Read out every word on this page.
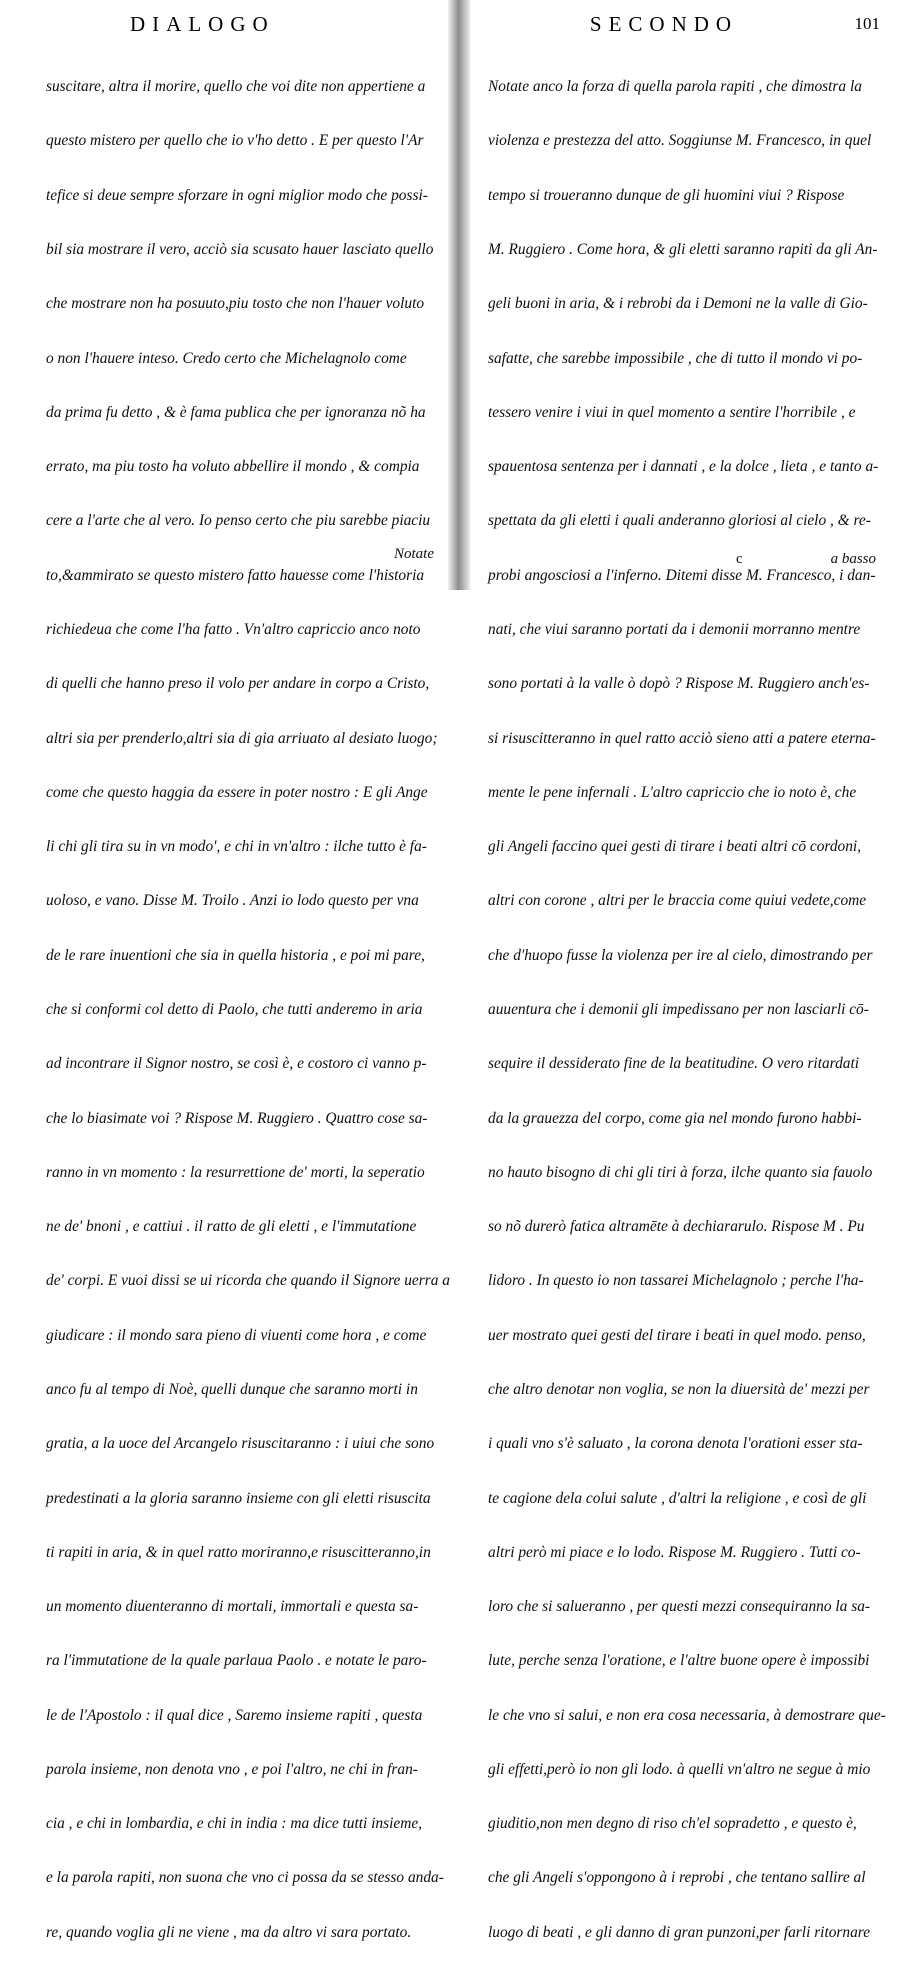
DIALOGO

suscitare, altra il morire, quello che voi dite non appertiene a

questo mistero per quello che io v'ho detto . E per questo l'Ar

tefice si deue sempre sforzare in ogni miglior modo che possi-

bil sia mostrare il vero, acciò sia scusato hauer lasciato quello

che mostrare non ha posuuto,piu tosto che non l'hauer voluto

o non l'hauere inteso. Credo certo che Michelagnolo come

da prima fu detto , & è fama publica che per ignoranza nõ ha

errato, ma piu tosto ha voluto abbellire il mondo , & compia

cere a l'arte che al vero. Io penso certo che piu sarebbe piaciu

to,&ammirato se questo mistero fatto hauesse come l'historia

richiedeua che come l'ha fatto . Vn'altro capriccio anco noto

di quelli che hanno preso il volo per andare in corpo a Cristo,

altri sia per prenderlo,altri sia di gia arriuato al desiato luogo;

come che questo haggia da essere in poter nostro : E gli Ange

li chi gli tira su in vn modo', e chi in vn'altro : ilche tutto è fa-

uoloso, e vano. Disse M. Troilo . Anzi io lodo questo per vna

de le rare inuentioni che sia in quella historia , e poi mi pare,

che si conformi col detto di Paolo, che tutti anderemo in aria

ad incontrare il Signor nostro, se così è, e costoro ci vanno p-

che lo biasimate voi ? Rispose M. Ruggiero . Quattro cose sa-

ranno in vn momento : la resurrettione de' morti, la seperatio

ne de' bnoni , e cattiui . il ratto de gli eletti , e l'immutatione

de' corpi. E vuoi dissi se ui ricorda che quando il Signore uerra a

giudicare : il mondo sara pieno di viuenti come hora , e come

anco fu al tempo di Noè, quelli dunque che saranno morti in

gratia, a la uoce del Arcangelo risuscitaranno : i uiui che sono

predestinati a la gloria saranno insieme con gli eletti risuscita

ti rapiti in aria, & in quel ratto moriranno,e risuscitteranno,in

un momento diuenteranno di mortali, immortali e questa sa-

ra l'immutatione de la quale parlaua Paolo . e notate le paro-

le de l'Apostolo : il qual dice , Saremo insieme rapiti , questa

parola insieme, non denota vno , e poi l'altro, ne chi in fran-

cia , e chi in lombardia, e chi in india : ma dice tutti insieme,

e la parola rapiti, non suona che vno ci possa da se stesso anda-

re, quando voglia gli ne viene , ma da altro vi sara portato.

Notate
SECONDO	101

Notate anco la forza di quella parola rapiti , che dimostra la

violenza e prestezza del atto. Soggiunse M. Francesco, in quel

tempo si troueranno dunque de gli huomini viui ? Rispose

M. Ruggiero . Come hora, & gli eletti saranno rapiti da gli An-

geli buoni in aria, & i rebrobi da i Demoni ne la valle di Gio-

safatte, che sarebbe impossibile , che di tutto il mondo vi po-

tessero venire i viui in quel momento a sentire l'horribile , e

spauentosa sentenza per i dannati , e la dolce , lieta , e tanto a-

spettata da gli eletti i quali anderanno gloriosi al cielo , & re-

probi angosciosi a l'inferno. Ditemi disse M. Francesco, i dan-

nati, che viui saranno portati da i demonii morranno mentre

sono portati à la valle ò dopò ? Rispose M. Ruggiero anch'es-

si risuscitteranno in quel ratto acciò sieno atti a patere eterna-

mente le pene infernali . L'altro capriccio che io noto è, che

gli Angeli faccino quei gesti di tirare i beati altri cō cordoni,

altri con corone , altri per le braccia come quiui vedete,come

che d'huopo fusse la violenza per ire al cielo, dimostrando per

auuentura che i demonii gli impedissano per non lasciarli cō-

sequire il dessiderato fine de la beatitudine. O vero ritardati

da la grauezza del corpo, come gia nel mondo furono habbi-

no hauto bisogno di chi gli tiri à forza, ilche quanto sia fauolo

so nõ durerò fatica altramēte à dechiararulo. Rispose M . Pu

lidoro . In questo io non tassarei Michelagnolo ; perche l'ha-

uer mostrato quei gesti del tirare i beati in quel modo. penso,

che altro denotar non voglia, se non la diuersità de' mezzi per

i quali vno s'è saluato , la corona denota l'orationi esser sta-

te cagione dela colui salute , d'altri la religione , e così de gli

altri però mi piace e lo lodo. Rispose M. Ruggiero . Tutti co-

loro che si salueranno , per questi mezzi consequiranno la sa-

lute, perche senza l'oratione, e l'altre buone opere è impossibi

le che vno si salui, e non era cosa necessaria, à demostrare que-

gli effetti,però io non gli lodo. à quelli vn'altro ne segue à mio

giuditio,non men degno di riso ch'el sopradetto , e questo è,

che gli Angeli s'oppongono à i reprobi , che tentano sallire al

luogo di beati , e gli danno di gran punzoni,per farli ritornare

c	a basso
